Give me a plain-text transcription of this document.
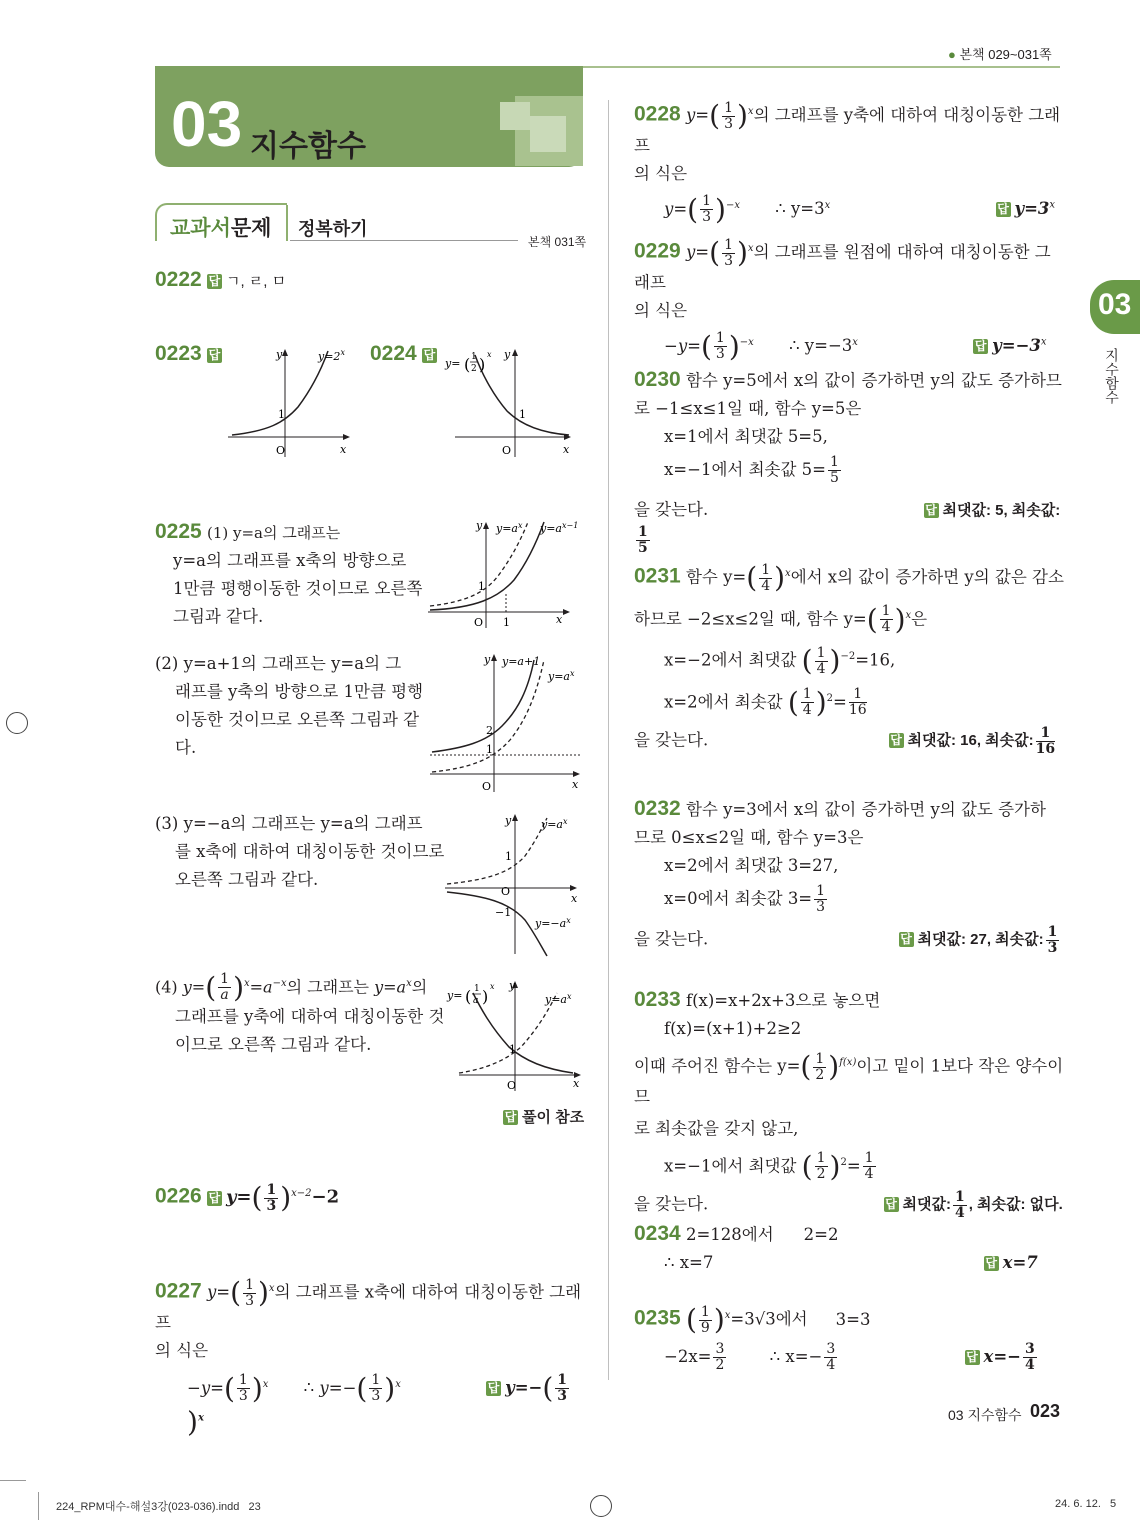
● 본책 029~031쪽
03 지수함수
03
지수함수
교과서문제 정복하기
본책 031쪽
0222 답 ㄱ, ㄹ, ㅁ
0223 답	y	$y=2^x$
1
O	x
0224 답
y= ( 1
2 )
x y
1
O	x
0225 (1) y=a의 그래프는
y=a의 그래프를 x축의 방향으로
1만큼 평행이동한 것이므로 오른쪽
그림과 같다.
y $y=a^x$ $y=a^{x-1}$
1
O 1	x
(2) y=a+1의 그래프는 y=a의 그
래프를 y축의 방향으로 1만큼 평행
이동한 것이므로 오른쪽 그림과 같
다.
y y=a+1
$y=a^x$
2
1
O	x
(3) y=−a의 그래프는 y=a의 그래프
를 x축에 대하여 대칭이동한 것이므로
오른쪽 그림과 같다.
y	$y=a^x$
$y=-a^x$
1
O
−1
x
(4) $y=( \frac{1}{a} )^x=a^{-x}$의 그래프는 $y=a^x$의
그래프를 y축에 대하여 대칭이동한 것
이므로 오른쪽 그림과 같다.
y= ( 1
a )
x y
$y=a^x$
1
O	x
답 풀이 참조
0226 답 $y=( \frac{1}{3} )^{x-2}-2$
0227 $y=( \frac{1}{3} )^x$의 그래프를 x축에 대하여 대칭이동한 그래프
의 식은
$-y=( \frac{1}{3} )^x$ ∴ $y=-( \frac{1}{3} )^x$	답 $y=-( \frac{1}{3}$
)$^x$
0228 $y=( \frac{1}{3} )^x$의 그래프를 y축에 대하여 대칭이동한 그래프
의 식은
$y=( \frac{1}{3} )^{-x}$ ∴ $y=3^x$	답 $y=3^x$
0229 $y=( \frac{1}{3} )^x$의 그래프를 원점에 대하여 대칭이동한 그래프
의 식은
$-y=( \frac{1}{3} )^{-x}$ ∴ $y=-3^x$	답 $y=-3^x$
0230 함수 y=5에서 x의 값이 증가하면 y의 값도 증가하므
로 −1≤x≤1일 때, 함수 y=5은
x=1에서 최댓값 5=5,
x=−1에서 최솟값 $5= \frac{1}{5}$
을 갖는다.	답 최댓값: 5, 최솟값:
$\frac{1}{5}$
0231 함수 $y=( \frac{1}{4} )^x$에서 x의 값이 증가하면 y의 값은 감소
하므로 −2≤x≤2일 때, 함수 $y=( \frac{1}{4} )^x$은
x=−2에서 최댓값 ( $\frac{1}{4} )^{-2}=16$,
x=2에서 최솟값 ( $\frac{1}{4} )^2= \frac{1}{16}$
을 갖는다.	답 최댓값: 16, 최솟값: $\frac{1}{16}$
0232 함수 y=3에서 x의 값이 증가하면 y의 값도 증가하
므로 0≤x≤2일 때, 함수 y=3은
x=2에서 최댓값 3=27,
x=0에서 최솟값 $3= \frac{1}{3}$
을 갖는다.	답 최댓값: 27, 최솟값: $\frac{1}{3}$
0233 f(x)=x+2x+3으로 놓으면
f(x)=(x+1)+2≥2
이때 주어진 함수는 $y=( \frac{1}{2} )^{f(x)}$이고 밑이 1보다 작은 양수이므
로 최솟값을 갖지 않고,
x=−1에서 최댓값 ( $\frac{1}{2} )^2= \frac{1}{4}$
을 갖는다.	답 최댓값: $\frac{1}{4}$ , 최솟값: 없다.
0234 2=128에서 2=2
∴ x=7	답 x=7
0235 ( $\frac{1}{9} )^x=3√3$에서 3=3
$-2x= \frac{3}{2}$	∴ $x=- \frac{3}{4}$	답 $x=- \frac{3}{4}$
03 지수함수 023
224_RPM대수-해설3강(023-036).indd   23	24. 6. 12.   5
